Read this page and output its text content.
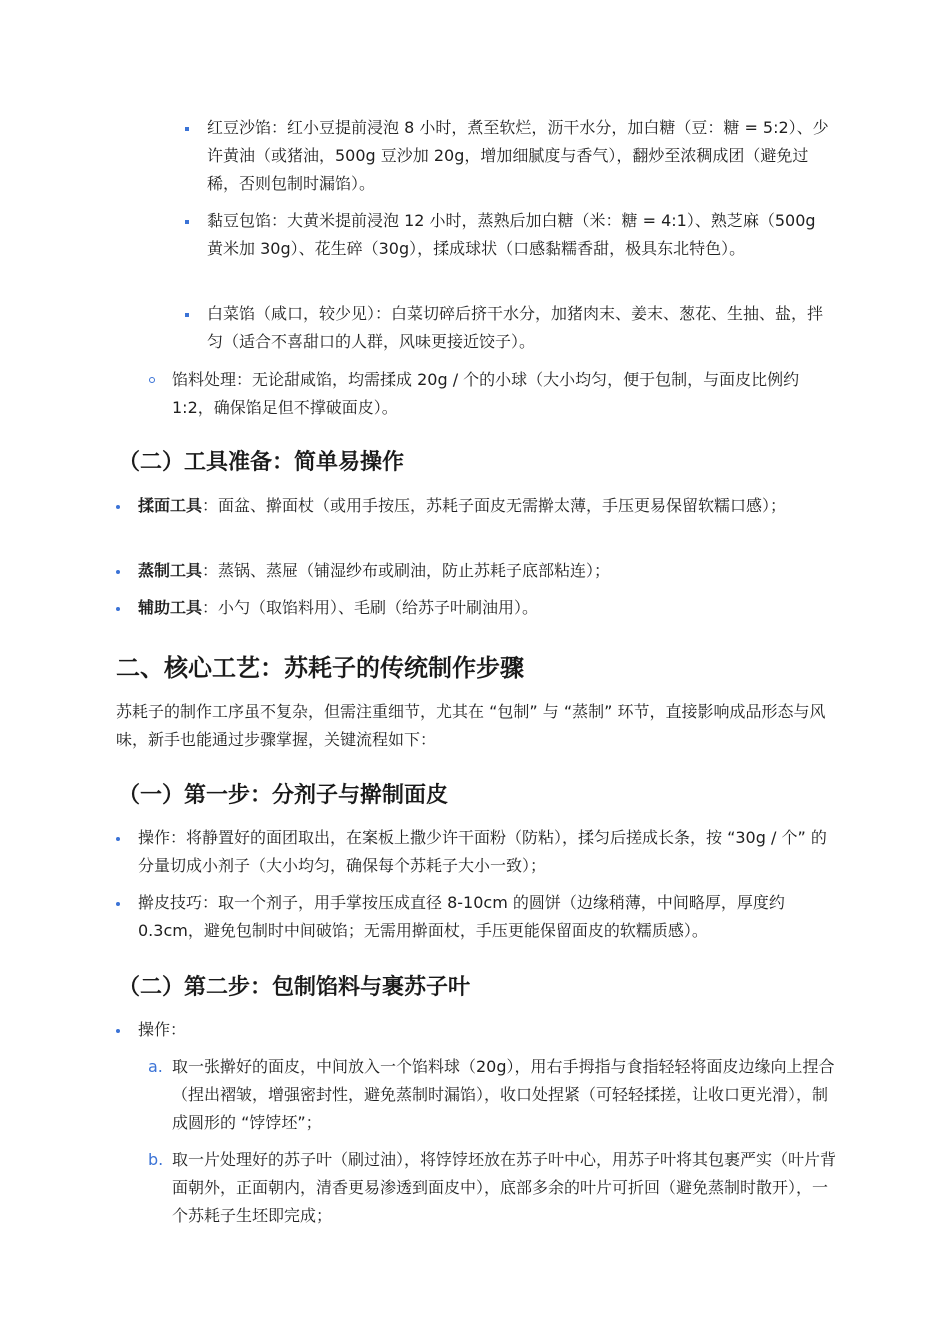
红豆沙馅：红小豆提前浸泡 8 小时，煮至软烂，沥干水分，加白糖（豆：糖 = 5:2）、少许黄油（或猪油，500g 豆沙加 20g，增加细腻度与香气），翻炒至浓稠成团（避免过稀，否则包制时漏馅）。

黏豆包馅：大黄米提前浸泡 12 小时，蒸熟后加白糖（米：糖 = 4:1）、熟芝麻（500g 黄米加 30g）、花生碎（30g），揉成球状（口感黏糯香甜，极具东北特色）。

白菜馅（咸口，较少见）：白菜切碎后挤干水分，加猪肉末、姜末、葱花、生抽、盐，拌匀（适合不喜甜口的人群，风味更接近饺子）。

馅料处理：无论甜咸馅，均需揉成 20g / 个的小球（大小均匀，便于包制，与面皮比例约 1:2，确保馅足但不撑破面皮）。

（二）工具准备：简单易操作

揉面工具：面盆、擀面杖（或用手按压，苏耗子面皮无需擀太薄，手压更易保留软糯口感）；

蒸制工具：蒸锅、蒸屉（铺湿纱布或刷油，防止苏耗子底部粘连）；

辅助工具：小勺（取馅料用）、毛刷（给苏子叶刷油用）。

二、核心工艺：苏耗子的传统制作步骤

苏耗子的制作工序虽不复杂，但需注重细节，尤其在 “包制” 与 “蒸制” 环节，直接影响成品形态与风味，新手也能通过步骤掌握，关键流程如下：

（一）第一步：分剂子与擀制面皮

操作：将静置好的面团取出，在案板上撒少许干面粉（防粘），揉匀后搓成长条，按 “30g / 个” 的分量切成小剂子（大小均匀，确保每个苏耗子大小一致）；

擀皮技巧：取一个剂子，用手掌按压成直径 8-10cm 的圆饼（边缘稍薄，中间略厚，厚度约 0.3cm，避免包制时中间破馅；无需用擀面杖，手压更能保留面皮的软糯质感）。

（二）第二步：包制馅料与裹苏子叶

操作：

a. 取一张擀好的面皮，中间放入一个馅料球（20g），用右手拇指与食指轻轻将面皮边缘向上捏合（捏出褶皱，增强密封性，避免蒸制时漏馅），收口处捏紧（可轻轻揉搓，让收口更光滑），制成圆形的 “饽饽坯”；

b. 取一片处理好的苏子叶（刷过油），将饽饽坯放在苏子叶中心，用苏子叶将其包裹严实（叶片背面朝外，正面朝内，清香更易渗透到面皮中），底部多余的叶片可折回（避免蒸制时散开），一个苏耗子生坯即完成；
